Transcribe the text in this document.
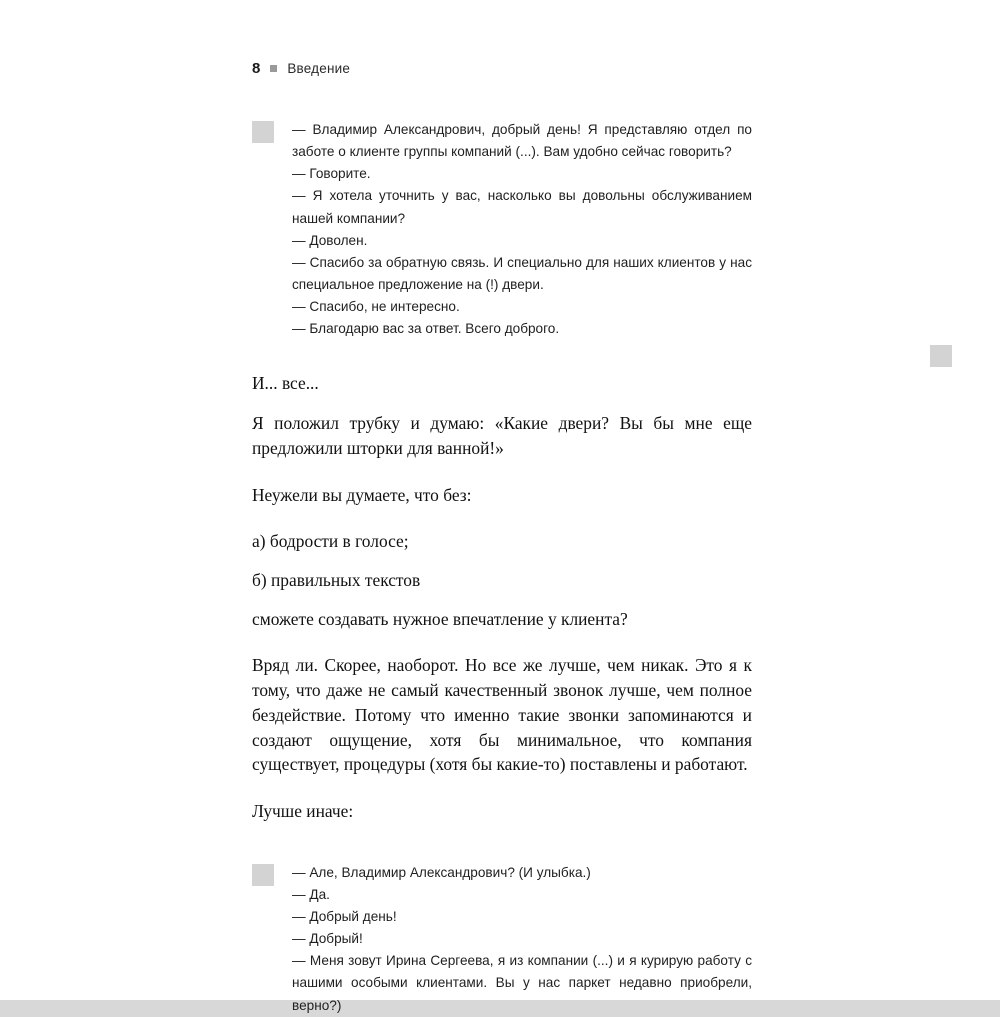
8 Введение

— Владимир Александрович, добрый день! Я представляю отдел по заботе о клиенте группы компаний (...). Вам удобно сейчас говорить?

— Говорите.

— Я хотела уточнить у вас, насколько вы довольны обслуживанием нашей компании?

— Доволен.

— Спасибо за обратную связь. И специально для наших клиентов у нас специальное предложение на (!) двери.

— Спасибо, не интересно.

— Благодарю вас за ответ. Всего доброго.

И... все...

Я положил трубку и думаю: «Какие двери? Вы бы мне еще предложили шторки для ванной!»

Неужели вы думаете, что без:

а) бодрости в голосе;

б) правильных текстов

сможете создавать нужное впечатление у клиента?

Вряд ли. Скорее, наоборот. Но все же лучше, чем никак. Это я к тому, что даже не самый качественный звонок лучше, чем полное бездействие. Потому что именно такие звонки запоминаются и создают ощущение, хотя бы минимальное, что компания существует, процедуры (хотя бы какие-то) поставлены и работают.

Лучше иначе:

— Але, Владимир Александрович? (И улыбка.)

— Да.

— Добрый день!

— Добрый!

— Меня зовут Ирина Сергеева, я из компании (...) и я курирую работу с нашими особыми клиентами. Вы у нас паркет недавно приобрели, верно?)
